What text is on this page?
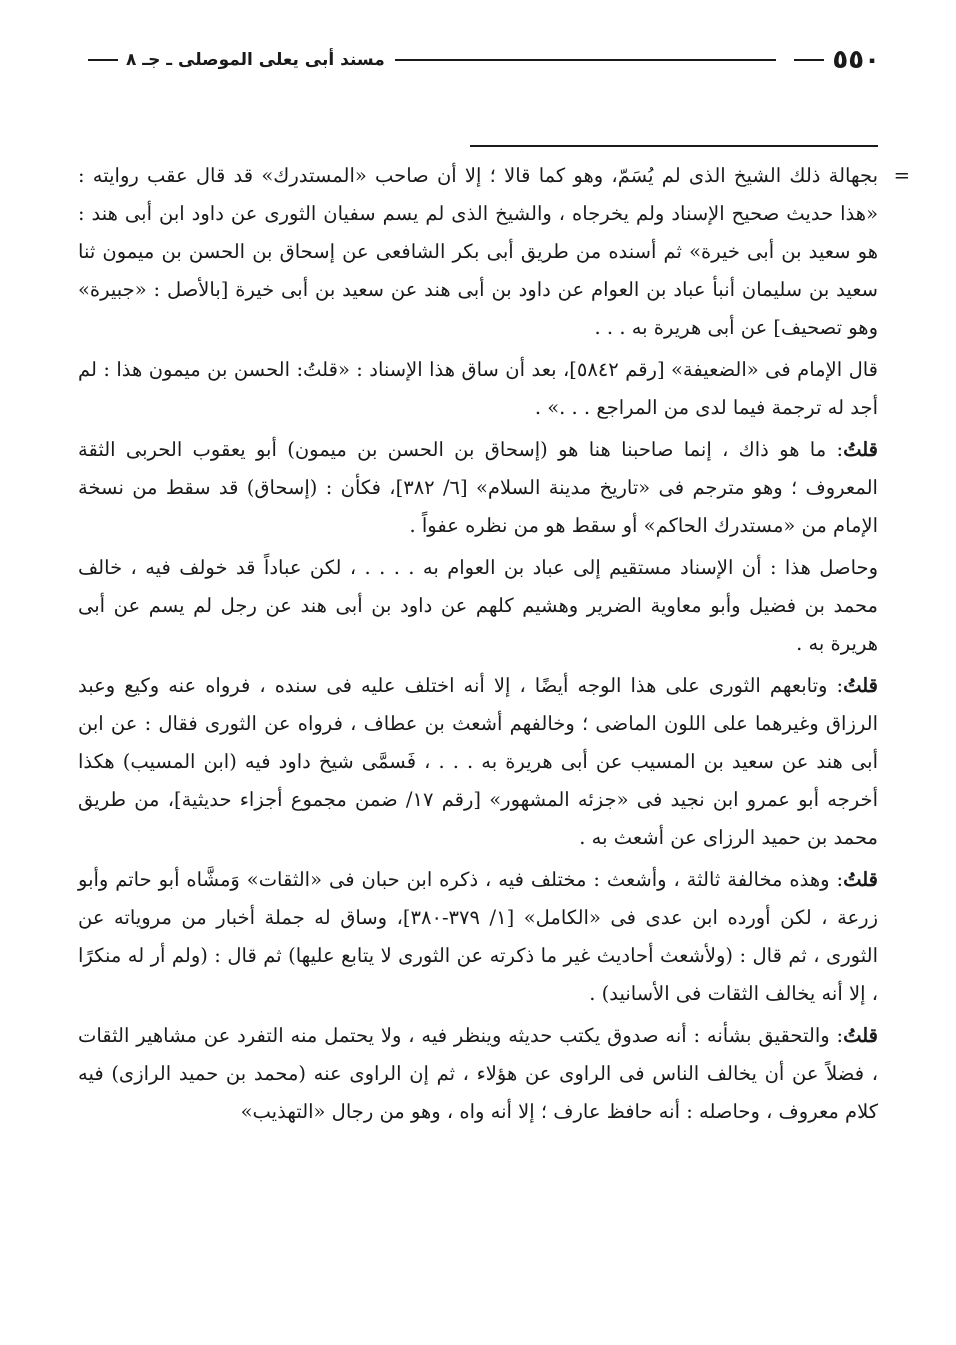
٥٥٠
مسند أبى يعلى الموصلى ـ جـ ٨

=
بجهالة ذلك الشيخ الذى لم يُسَمّ، وهو كما قالا ؛ إلا أن صاحب «المستدرك» قد قال عقب روايته : «هذا حديث صحيح الإسناد ولم يخرجاه ، والشيخ الذى لم يسم سفيان الثورى عن داود ابن أبى هند : هو سعيد بن أبى خيرة» ثم أسنده من طريق أبى بكر الشافعى عن إسحاق بن الحسن بن ميمون ثنا سعيد بن سليمان أنبأ عباد بن العوام عن داود بن أبى هند عن سعيد بن أبى خيرة [بالأصل : «جبيرة» وهو تصحيف] عن أبى هريرة به . . .

قال الإمام فى «الضعيفة» [رقم ٥٨٤٢]، بعد أن ساق هذا الإسناد : «قلتُ: الحسن بن ميمون هذا : لم أجد له ترجمة فيما لدى من المراجع . . .» .

قلتُ: ما هو ذاك ، إنما صاحبنا هنا هو (إسحاق بن الحسن بن ميمون) أبو يعقوب الحربى الثقة المعروف ؛ وهو مترجم فى «تاريخ مدينة السلام» [٦/ ٣٨٢]، فكأن : (إسحاق) قد سقط من نسخة الإمام من «مستدرك الحاكم» أو سقط هو من نظره عفواً .

وحاصل هذا : أن الإسناد مستقيم إلى عباد بن العوام به . . . . ، لكن عباداً قد خولف فيه ، خالف محمد بن فضيل وأبو معاوية الضرير وهشيم كلهم عن داود بن أبى هند عن رجل لم يسم عن أبى هريرة به .

قلتُ: وتابعهم الثورى على هذا الوجه أيضًا ، إلا أنه اختلف عليه فى سنده ، فرواه عنه وكيع وعبد الرزاق وغيرهما على اللون الماضى ؛ وخالفهم أشعث بن عطاف ، فرواه عن الثورى فقال : عن ابن أبى هند عن سعيد بن المسيب عن أبى هريرة به . . . ، فَسمَّى شيخ داود فيه (ابن المسيب) هكذا أخرجه أبو عمرو ابن نجيد فى «جزئه المشهور» [رقم ١٧/ ضمن مجموع أجزاء حديثية]، من طريق محمد بن حميد الرزاى عن أشعث به .

قلتُ: وهذه مخالفة ثالثة ، وأشعث : مختلف فيه ، ذكره ابن حبان فى «الثقات» وَمشَّاه أبو حاتم وأبو زرعة ، لكن أورده ابن عدى فى «الكامل» [١/ ٣٧٩-٣٨٠]، وساق له جملة أخبار من مروياته عن الثورى ، ثم قال : (ولأشعث أحاديث غير ما ذكرته عن الثورى لا يتابع عليها) ثم قال : (ولم أر له منكرًا ، إلا أنه يخالف الثقات فى الأسانيد) .

قلتُ: والتحقيق بشأنه : أنه صدوق يكتب حديثه وينظر فيه ، ولا يحتمل منه التفرد عن مشاهير الثقات ، فضلاً عن أن يخالف الناس فى الراوى عن هؤلاء ، ثم إن الراوى عنه (محمد بن حميد الرازى) فيه كلام معروف ، وحاصله : أنه حافظ عارف ؛ إلا أنه واه ، وهو من رجال «التهذيب»
